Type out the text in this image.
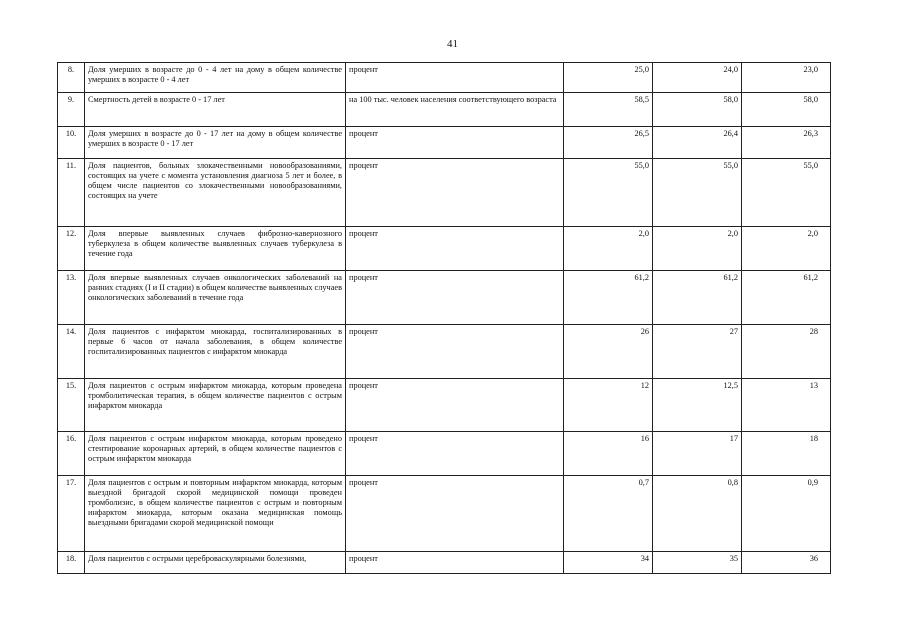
41
8.	Доля умерших в возрасте до 0 - 4 лет на дому в общем количестве умерших в возрасте 0 - 4 лет	процент	25,0	24,0	23,0
9.	Смертность детей в возрасте 0 - 17 лет	на 100 тыс. человек населения соответствующего возраста	58,5	58,0	58,0
10.	Доля умерших в возрасте до 0 - 17 лет на дому в общем количестве умерших в возрасте 0 - 17 лет	процент	26,5	26,4	26,3
11.	Доля пациентов, больных злокачественными новообразованиями, состоящих на учете с момента установления диагноза 5 лет и более, в общем числе пациентов со злокачественными новообразованиями, состоящих на учете	процент	55,0	55,0	55,0
12.	Доля впервые выявленных случаев фиброзно-кавернозного туберкулеза в общем количестве выявленных случаев туберкулеза в течение года	процент	2,0	2,0	2,0
13.	Доля впервые выявленных случаев онкологических заболеваний на ранних стадиях (I и II стадии) в общем количестве выявленных случаев онкологических заболеваний в течение года	процент	61,2	61,2	61,2
14.	Доля пациентов с инфарктом миокарда, госпитализированных в первые 6 часов от начала заболевания, в общем количестве госпитализированных пациентов с инфарктом миокарда	процент	26	27	28
15.	Доля пациентов с острым инфарктом миокарда, которым проведена тромболитическая терапия, в общем количестве пациентов с острым инфарктом миокарда	процент	12	12,5	13
16.	Доля пациентов с острым инфарктом миокарда, которым проведено стентирование коронарных артерий, в общем количестве пациентов с острым инфарктом миокарда	процент	16	17	18
17.	Доля пациентов с острым и повторным инфарктом миокарда, которым выездной бригадой скорой медицинской помощи проведен тромболизис, в общем количестве пациентов с острым и повторным инфарктом миокарда, которым оказана медицинская помощь выездными бригадами скорой медицинской помощи	процент	0,7	0,8	0,9
18.	Доля пациентов с острыми цереброваскулярными болезнями,	процент	34	35	36
